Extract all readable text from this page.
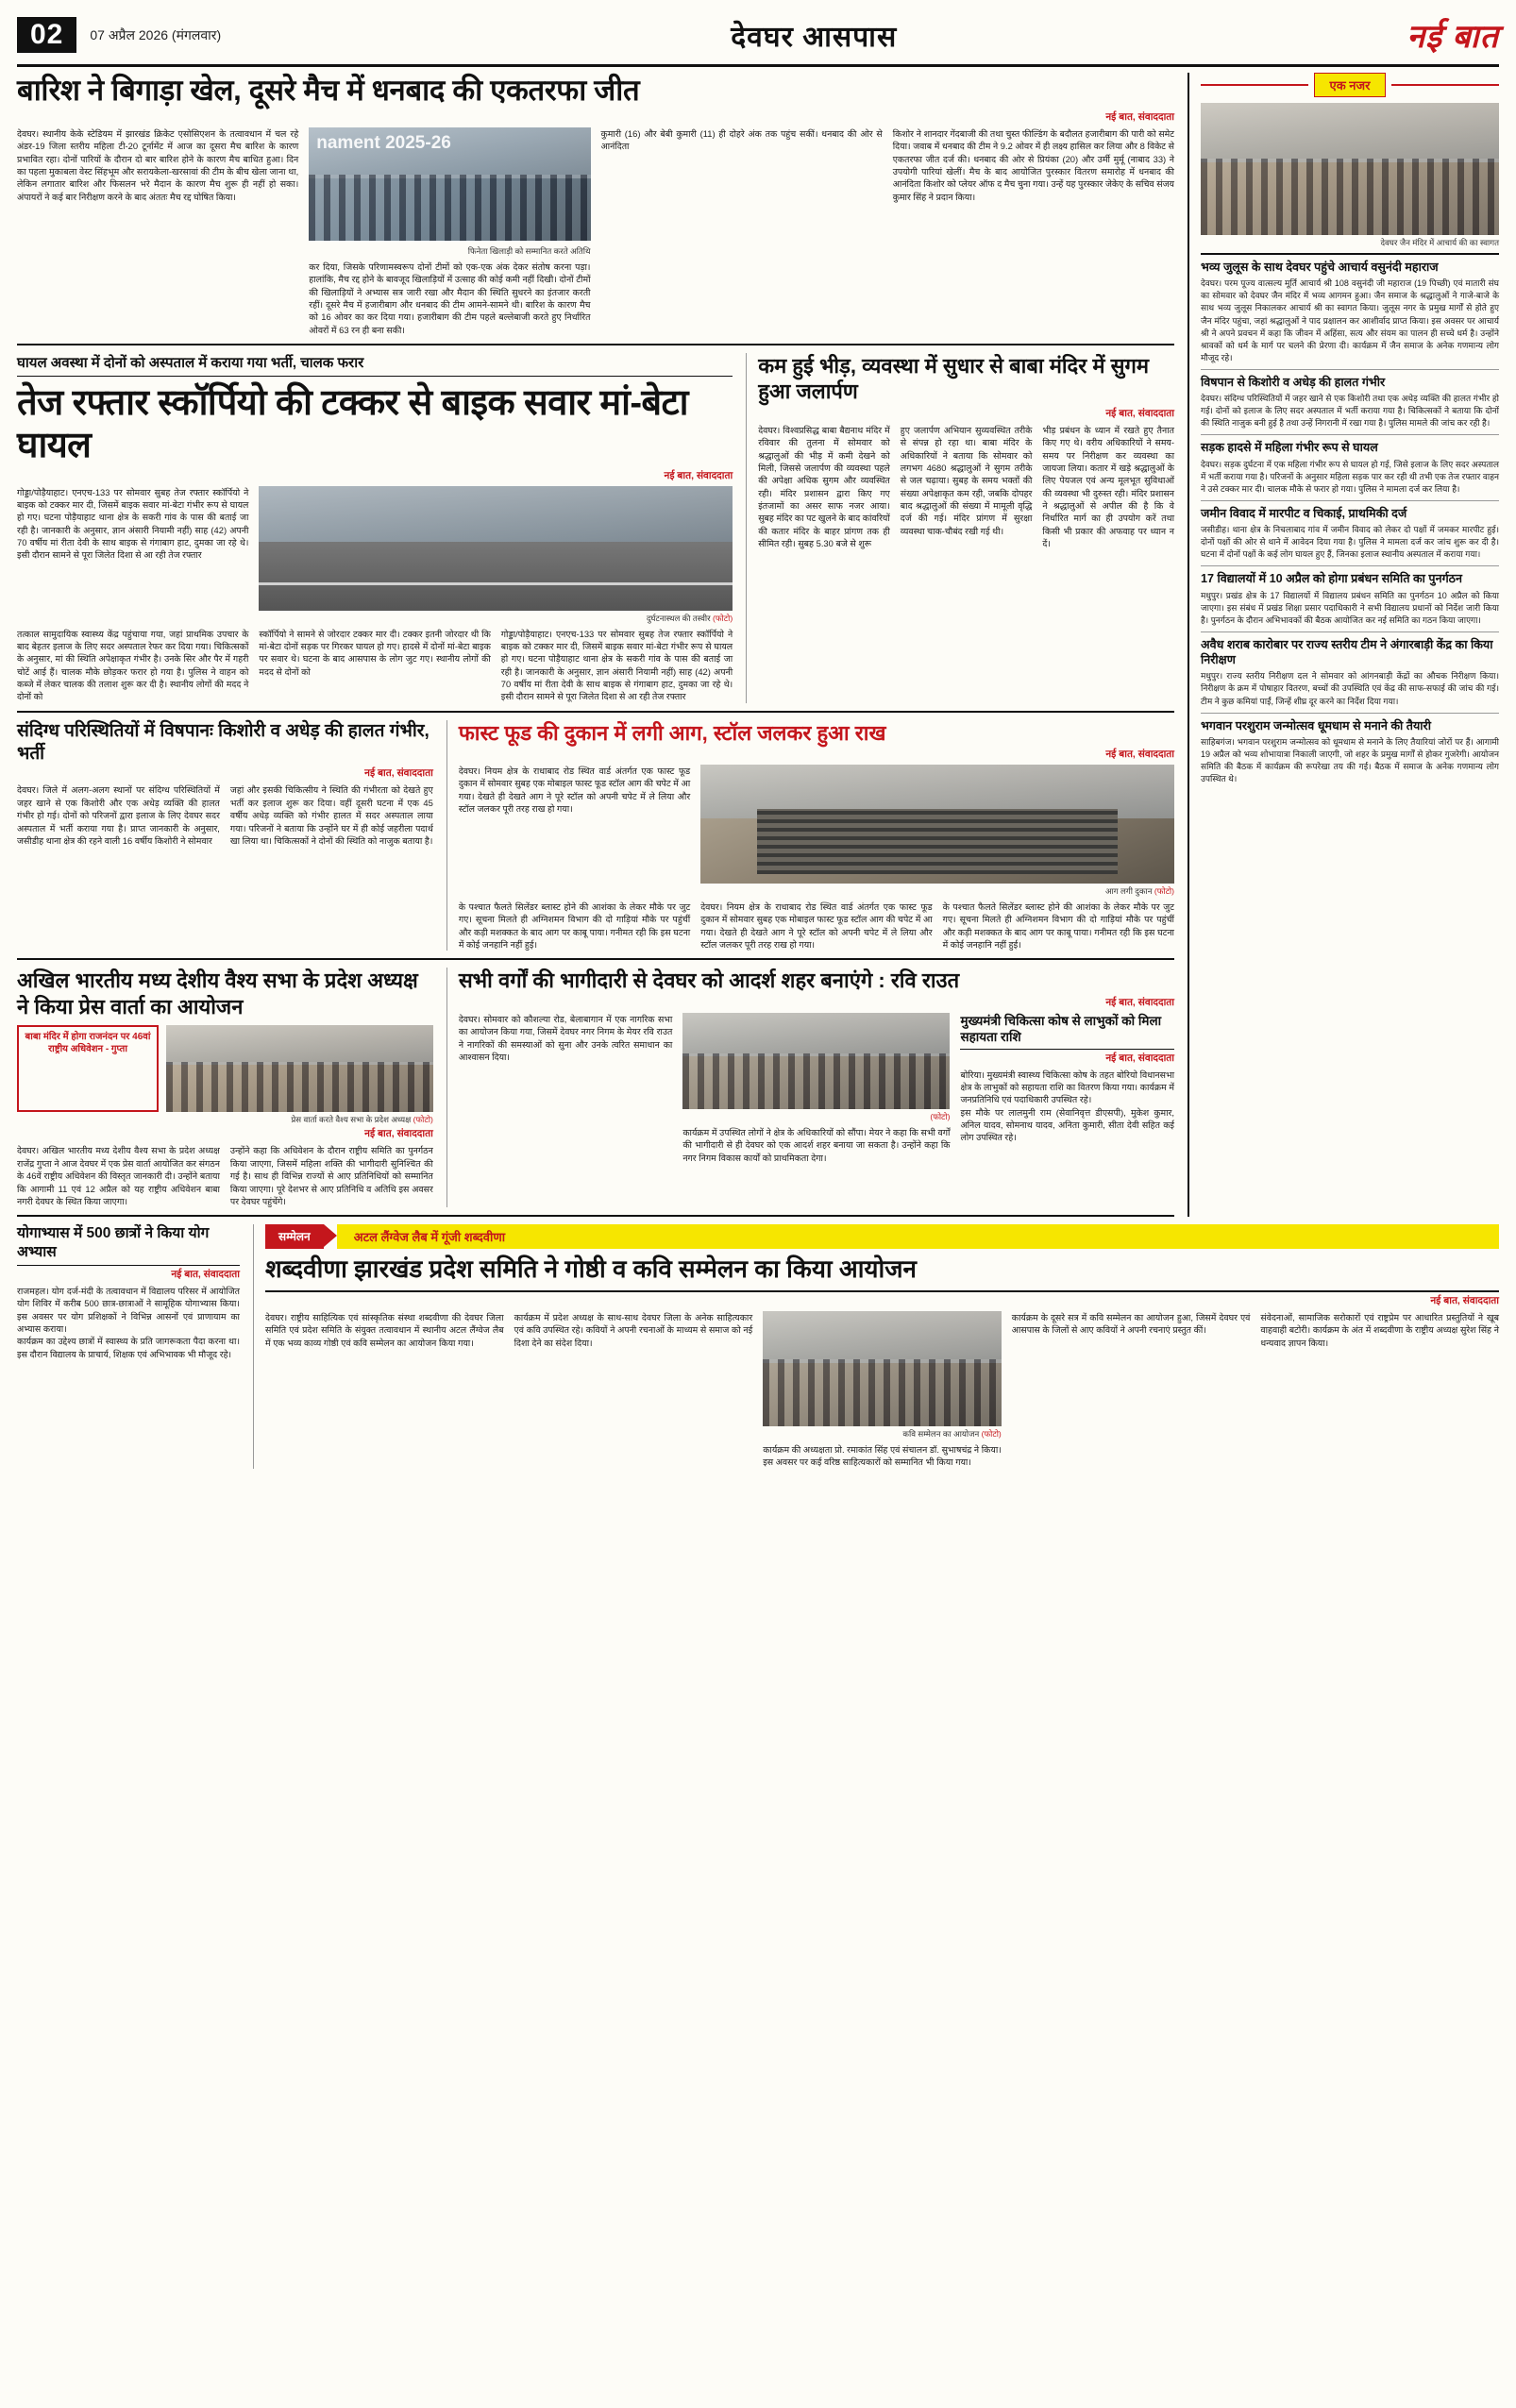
02	07 अप्रैल 2026 (मंगलवार)	देवघर आसपास	नई बात
बारिश ने बिगाड़ा खेल, दूसरे मैच में धनबाद की एकतरफा जीत
नई बात, संवाददाता
देवघर। स्थानीय केके स्टेडियम में झारखंड क्रिकेट एसोसिएशन के तत्वावधान में चल रहे अंडर-19 जिला स्तरीय महिला टी-20 टूर्नामेंट में आज का दूसरा मैच बारिश के कारण प्रभावित रहा। दोनों पारियों के दौरान दो बार बारिश होने के कारण मैच बाधित हुआ। दिन का पहला मुकाबला वेस्ट सिंहभूम और सरायकेला-खरसावां की टीम के बीच खेला जाना था, लेकिन लगातार बारिश और फिसलन भरे मैदान के कारण मैच शुरू ही नहीं हो सका। अंपायरों ने कई बार निरीक्षण करने के बाद अंततः मैच रद्द घोषित किया।
nament 2025-26
फिनेता खिलाड़ी को सम्मानित करते अतिथि
कर दिया, जिसके परिणामस्वरूप दोनों टीमों को एक-एक अंक देकर संतोष करना पड़ा। हालांकि, मैच रद्द होने के बावजूद खिलाड़ियों में उत्साह की कोई कमी नहीं दिखी। दोनों टीमों की खिलाड़ियों ने अभ्यास सत्र जारी रखा और मैदान की स्थिति सुधरने का इंतजार करती रहीं। दूसरे मैच में हजारीबाग और धनबाद की टीम आमने-सामने थी। बारिश के कारण मैच को 16 ओवर का कर दिया गया। हजारीबाग की टीम पहले बल्लेबाजी करते हुए निर्धारित ओवरों में 63 रन ही बना सकी।
कुमारी (16) और बेबी कुमारी (11) ही दोहरे अंक तक पहुंच सकीं। धनबाद की ओर से आनंदिता
किशोर ने शानदार गेंदबाजी की तथा चुस्त फील्डिंग के बदौलत हजारीबाग की पारी को समेट दिया। जवाब में धनबाद की टीम ने 9.2 ओवर में ही लक्ष्य हासिल कर लिया और 8 विकेट से एकतरफा जीत दर्ज की। धनबाद की ओर से प्रियंका (20) और उर्मी मुर्मू (नाबाद 33) ने उपयोगी पारियां खेलीं। मैच के बाद आयोजित पुरस्कार वितरण समारोह में धनबाद की आनंदिता किशोर को प्लेयर ऑफ द मैच चुना गया। उन्हें यह पुरस्कार जेकेए के सचिव संजय कुमार सिंह ने प्रदान किया।
घायल अवस्था में दोनों को अस्पताल में कराया गया भर्ती, चालक फरार
तेज रफ्तार स्कॉर्पियो की टक्कर से बाइक सवार मां-बेटा घायल
नई बात, संवाददाता
गोड्डा/पोड़ैयाहाट। एनएच-133 पर सोमवार सुबह तेज रफ्तार स्कॉर्पियो ने बाइक को टक्कर मार दी, जिसमें बाइक सवार मां-बेटा गंभीर रूप से घायल हो गए। घटना पोड़ैयाहाट थाना क्षेत्र के सकरी गांव के पास की बताई जा रही है। जानकारी के अनुसार, ज्ञान अंसारी नियामी नहीं) साह (42) अपनी 70 वर्षीय मां रीता देवी के साथ बाइक से गंगाबाग हाट, दुमका जा रहे थे। इसी दौरान सामने से पूरा जिलेत दिशा से आ रही तेज रफ्तार
दुर्घटनास्थल की तस्वीर (फोटो)
तत्काल सामुदायिक स्वास्थ्य केंद्र पहुंचाया गया, जहां प्राथमिक उपचार के बाद बेहतर इलाज के लिए सदर अस्पताल रेफर कर दिया गया। चिकित्सकों के अनुसार, मां की स्थिति अपेक्षाकृत गंभीर है। उनके सिर और पैर में गहरी चोटें आई हैं। चालक मौके छोड़कर फरार हो गया है। पुलिस ने वाहन को कब्जे में लेकर चालक की तलाश शुरू कर दी है। स्थानीय लोगों की मदद ने दोनों को
स्कॉर्पियो ने सामने से जोरदार टक्कर मार दी। टक्कर इतनी जोरदार थी कि मां-बेटा दोनों सड़क पर गिरकर घायल हो गए। हादसे में दोनों मां-बेटा बाइक पर सवार थे। घटना के बाद आसपास के लोग जुट गए। स्थानीय लोगों की मदद से दोनों को
गोड्डा/पोड़ैयाहाट। एनएच-133 पर सोमवार सुबह तेज रफ्तार स्कॉर्पियो ने बाइक को टक्कर मार दी, जिसमें बाइक सवार मां-बेटा गंभीर रूप से घायल हो गए। घटना पोड़ैयाहाट थाना क्षेत्र के सकरी गांव के पास की बताई जा रही है। जानकारी के अनुसार, ज्ञान अंसारी नियामी नहीं) साह (42) अपनी 70 वर्षीय मां रीता देवी के साथ बाइक से गंगाबाग हाट, दुमका जा रहे थे। इसी दौरान सामने से पूरा जिलेत दिशा से आ रही तेज रफ्तार
कम हुई भीड़, व्यवस्था में सुधार से बाबा मंदिर में सुगम हुआ जलार्पण
नई बात, संवाददाता
देवघर। विश्वप्रसिद्ध बाबा बैद्यनाथ मंदिर में रविवार की तुलना में सोमवार को श्रद्धालुओं की भीड़ में कमी देखने को मिली, जिससे जलार्पण की व्यवस्था पहले की अपेक्षा अधिक सुगम और व्यवस्थित रही। मंदिर प्रशासन द्वारा किए गए इंतजामों का असर साफ नजर आया। सुबह मंदिर का पट खुलने के बाद कांवरियों की कतार मंदिर के बाहर प्रांगण तक ही सीमित रही। सुबह 5.30 बजे से शुरू
हुए जलार्पण अभियान सुव्यवस्थित तरीके से संपन्न हो रहा था। बाबा मंदिर के अधिकारियों ने बताया कि सोमवार को लगभग 4680 श्रद्धालुओं ने सुगम तरीके से जल चढ़ाया। सुबह के समय भक्तों की संख्या अपेक्षाकृत कम रही, जबकि दोपहर बाद श्रद्धालुओं की संख्या में मामूली वृद्धि दर्ज की गई। मंदिर प्रांगण में सुरक्षा व्यवस्था चाक-चौबंद रखी गई थी।
भीड़ प्रबंधन के ध्यान में रखते हुए तैनात किए गए थे। वरीय अधिकारियों ने समय-समय पर निरीक्षण कर व्यवस्था का जायजा लिया। कतार में खड़े श्रद्धालुओं के लिए पेयजल एवं अन्य मूलभूत सुविधाओं की व्यवस्था भी दुरुस्त रही। मंदिर प्रशासन ने श्रद्धालुओं से अपील की है कि वे निर्धारित मार्ग का ही उपयोग करें तथा किसी भी प्रकार की अफवाह पर ध्यान न दें।
संदिग्ध परिस्थितियों में विषपानः किशोरी व अधेड़ की हालत गंभीर, भर्ती
नई बात, संवाददाता
देवघर। जिले में अलग-अलग स्थानों पर संदिग्ध परिस्थितियों में जहर खाने से एक किशोरी और एक अधेड़ व्यक्ति की हालत गंभीर हो गई। दोनों को परिजनों द्वारा इलाज के लिए देवघर सदर अस्पताल में भर्ती कराया गया है। प्राप्त जानकारी के अनुसार, जसीडीह थाना क्षेत्र की रहने वाली 16 वर्षीय किशोरी ने सोमवार
जहां और इसकी चिकित्सीय ने स्थिति की गंभीरता को देखते हुए भर्ती कर इलाज शुरू कर दिया। वहीं दूसरी घटना में एक 45 वर्षीय अधेड़ व्यक्ति को गंभीर हालत में सदर अस्पताल लाया गया। परिजनों ने बताया कि उन्होंने घर में ही कोई जहरीला पदार्थ खा लिया था। चिकित्सकों ने दोनों की स्थिति को नाजुक बताया है।
फास्ट फूड की दुकान में लगी आग, स्टॉल जलकर हुआ राख
नई बात, संवाददाता
देवघर। नियम क्षेत्र के राधाबाद रोड स्थित वार्ड अंतर्गत एक फास्ट फूड दुकान में सोमवार सुबह एक मोबाइल फास्ट फूड स्टॉल आग की चपेट में आ गया। देखते ही देखते आग ने पूरे स्टॉल को अपनी चपेट में ले लिया और स्टॉल जलकर पूरी तरह राख हो गया।
आग लगी दुकान (फोटो)
के पश्चात फैलते सिलेंडर ब्लास्ट होने की आशंका के लेकर मौके पर जुट गए। सूचना मिलते ही अग्निशमन विभाग की दो गाड़ियां मौके पर पहुंचीं और कड़ी मशक्कत के बाद आग पर काबू पाया। गनीमत रही कि इस घटना में कोई जनहानि नहीं हुई।
देवघर। नियम क्षेत्र के राधाबाद रोड स्थित वार्ड अंतर्गत एक फास्ट फूड दुकान में सोमवार सुबह एक मोबाइल फास्ट फूड स्टॉल आग की चपेट में आ गया। देखते ही देखते आग ने पूरे स्टॉल को अपनी चपेट में ले लिया और स्टॉल जलकर पूरी तरह राख हो गया।
के पश्चात फैलते सिलेंडर ब्लास्ट होने की आशंका के लेकर मौके पर जुट गए। सूचना मिलते ही अग्निशमन विभाग की दो गाड़ियां मौके पर पहुंचीं और कड़ी मशक्कत के बाद आग पर काबू पाया। गनीमत रही कि इस घटना में कोई जनहानि नहीं हुई।
अखिल भारतीय मध्य देशीय वैश्य सभा के प्रदेश अध्यक्ष ने किया प्रेस वार्ता का आयोजन
बाबा मंदिर में होगा राजनंदन पर 46वां राष्ट्रीय अधिवेशन - गुप्ता
प्रेस वार्ता करते वैश्य सभा के प्रदेश अध्यक्ष (फोटो)
नई बात, संवाददाता
देवघर। अखिल भारतीय मध्य देशीय वैश्य सभा के प्रदेश अध्यक्ष राजेंद्र गुप्ता ने आज देवघर में एक प्रेस वार्ता आयोजित कर संगठन के 46वें राष्ट्रीय अधिवेशन की विस्तृत जानकारी दी। उन्होंने बताया कि आगामी 11 एवं 12 अप्रैल को यह राष्ट्रीय अधिवेशन बाबा नगरी देवघर के स्थित किया जाएगा।
उन्होंने कहा कि अधिवेशन के दौरान राष्ट्रीय समिति का पुनर्गठन किया जाएगा, जिसमें महिला शक्ति की भागीदारी सुनिश्चित की गई है। साथ ही विभिन्न राज्यों से आए प्रतिनिधियों को सम्मानित किया जाएगा। पूरे देशभर से आए प्रतिनिधि व अतिथि इस अवसर पर देवघर पहुंचेंगे।
सभी वर्गों की भागीदारी से देवघर को आदर्श शहर बनाएंगे : रवि राउत
नई बात, संवाददाता
देवघर। सोमवार को कौशल्या रोड, बेलाबागान में एक नागरिक सभा का आयोजन किया गया, जिसमें देवघर नगर निगम के मेयर रवि राउत ने नागरिकों की समस्याओं को सुना और उनके त्वरित समाधान का आश्वासन दिया।
(फोटो)
कार्यक्रम में उपस्थित लोगों ने क्षेत्र के अधिकारियों को सौंपा। मेयर ने कहा कि सभी वर्गों की भागीदारी से ही देवघर को एक आदर्श शहर बनाया जा सकता है। उन्होंने कहा कि नगर निगम विकास कार्यों को प्राथमिकता देगा।
मुख्यमंत्री चिकित्सा कोष से लाभुकों को मिला सहायता राशि
नई बात, संवाददाता
बोरिया। मुख्यमंत्री स्वास्थ्य चिकित्सा कोष के तहत बोरियो विधानसभा क्षेत्र के लाभुकों को सहायता राशि का वितरण किया गया। कार्यक्रम में जनप्रतिनिधि एवं पदाधिकारी उपस्थित रहे।
इस मौके पर लालमुनी राम (सेवानिवृत्त डीएसपी), मुकेश कुमार, अनिल यादव, सोमनाथ यादव, अनिता कुमारी, सीता देवी सहित कई लोग उपस्थित रहे।
एक नजर
देवघर जैन मंदिर में आचार्य की का स्वागत
भव्य जुलूस के साथ देवघर पहुंचे आचार्य वसुनंदी महाराज
देवघर। परम पूज्य वात्सल्य मूर्ति आचार्य श्री 108 वसुनंदी जी महाराज (19 पिच्छी) एवं मातारी संघ का सोमवार को देवघर जैन मंदिर में भव्य आगमन हुआ। जैन समाज के श्रद्धालुओं ने गाजे-बाजे के साथ भव्य जुलूस निकालकर आचार्य श्री का स्वागत किया। जुलूस नगर के प्रमुख मार्गों से होते हुए जैन मंदिर पहुंचा, जहां श्रद्धालुओं ने पाद प्रक्षालन कर आशीर्वाद प्राप्त किया। इस अवसर पर आचार्य श्री ने अपने प्रवचन में कहा कि जीवन में अहिंसा, सत्य और संयम का पालन ही सच्चे धर्म है। उन्होंने श्रावकों को धर्म के मार्ग पर चलने की प्रेरणा दी। कार्यक्रम में जैन समाज के अनेक गणमान्य लोग मौजूद रहे।
विषपान से किशोरी व अधेड़ की हालत गंभीर
देवघर। संदिग्ध परिस्थितियों में जहर खाने से एक किशोरी तथा एक अधेड़ व्यक्ति की हालत गंभीर हो गई। दोनों को इलाज के लिए सदर अस्पताल में भर्ती कराया गया है। चिकित्सकों ने बताया कि दोनों की स्थिति नाजुक बनी हुई है तथा उन्हें निगरानी में रखा गया है। पुलिस मामले की जांच कर रही है।
सड़क हादसे में महिला गंभीर रूप से घायल
देवघर। सड़क दुर्घटना में एक महिला गंभीर रूप से घायल हो गई, जिसे इलाज के लिए सदर अस्पताल में भर्ती कराया गया है। परिजनों के अनुसार महिला सड़क पार कर रही थी तभी एक तेज रफ्तार वाहन ने उसे टक्कर मार दी। चालक मौके से फरार हो गया। पुलिस ने मामला दर्ज कर लिया है।
जमीन विवाद में मारपीट व चिकाई, प्राथमिकी दर्ज
जसीडीह। थाना क्षेत्र के निचलाबाद गांव में जमीन विवाद को लेकर दो पक्षों में जमकर मारपीट हुई। दोनों पक्षों की ओर से थाने में आवेदन दिया गया है। पुलिस ने मामला दर्ज कर जांच शुरू कर दी है। घटना में दोनों पक्षों के कई लोग घायल हुए हैं, जिनका इलाज स्थानीय अस्पताल में कराया गया।
17 विद्यालयों में 10 अप्रैल को होगा प्रबंधन समिति का पुनर्गठन
मधुपुर। प्रखंड क्षेत्र के 17 विद्यालयों में विद्यालय प्रबंधन समिति का पुनर्गठन 10 अप्रैल को किया जाएगा। इस संबंध में प्रखंड शिक्षा प्रसार पदाधिकारी ने सभी विद्यालय प्रधानों को निर्देश जारी किया है। पुनर्गठन के दौरान अभिभावकों की बैठक आयोजित कर नई समिति का गठन किया जाएगा।
अवैध शराब कारोबार पर राज्य स्तरीय टीम ने अंगारबाड़ी केंद्र का किया निरीक्षण
मधुपुर। राज्य स्तरीय निरीक्षण दल ने सोमवार को आंगनबाड़ी केंद्रों का औचक निरीक्षण किया। निरीक्षण के क्रम में पोषाहार वितरण, बच्चों की उपस्थिति एवं केंद्र की साफ-सफाई की जांच की गई। टीम ने कुछ कमियां पाईं, जिन्हें शीघ्र दूर करने का निर्देश दिया गया।
भगवान परशुराम जन्मोत्सव धूमधाम से मनाने की तैयारी
साहिबगंज। भगवान परशुराम जन्मोत्सव को धूमधाम से मनाने के लिए तैयारियां जोरों पर हैं। आगामी 19 अप्रैल को भव्य शोभायात्रा निकाली जाएगी, जो शहर के प्रमुख मार्गों से होकर गुजरेगी। आयोजन समिति की बैठक में कार्यक्रम की रूपरेखा तय की गई। बैठक में समाज के अनेक गणमान्य लोग उपस्थित थे।
योगाभ्यास में 500 छात्रों ने किया योग अभ्यास
नई बात, संवाददाता
राजमहल। योग दर्ज-मंदी के तत्वावधान में विद्यालय परिसर में आयोजित योग शिविर में करीब 500 छात्र-छात्राओं ने सामूहिक योगाभ्यास किया। इस अवसर पर योग प्रशिक्षकों ने विभिन्न आसनों एवं प्राणायाम का अभ्यास कराया।
कार्यक्रम का उद्देश्य छात्रों में स्वास्थ्य के प्रति जागरूकता पैदा करना था। इस दौरान विद्यालय के प्राचार्य, शिक्षक एवं अभिभावक भी मौजूद रहे।
सम्मेलन	अटल लैंग्वेज लैब में गूंजी शब्दवीणा
शब्दवीणा झारखंड प्रदेश समिति ने गोष्ठी व कवि सम्मेलन का किया आयोजन
नई बात, संवाददाता
देवघर। राष्ट्रीय साहित्यिक एवं सांस्कृतिक संस्था शब्दवीणा की देवघर जिला समिति एवं प्रदेश समिति के संयुक्त तत्वावधान में स्थानीय अटल लैंग्वेज लैब में एक भव्य काव्य गोष्ठी एवं कवि सम्मेलन का आयोजन किया गया।
कार्यक्रम में प्रदेश अध्यक्ष के साथ-साथ देवघर जिला के अनेक साहित्यकार एवं कवि उपस्थित रहे। कवियों ने अपनी रचनाओं के माध्यम से समाज को नई दिशा देने का संदेश दिया।
कवि सम्मेलन का आयोजन (फोटो)
कार्यक्रम की अध्यक्षता प्रो. रमाकांत सिंह एवं संचालन डॉ. सुभाषचंद्र ने किया। इस अवसर पर कई वरिष्ठ साहित्यकारों को सम्मानित भी किया गया।
कार्यक्रम के दूसरे सत्र में कवि सम्मेलन का आयोजन हुआ, जिसमें देवघर एवं आसपास के जिलों से आए कवियों ने अपनी रचनाएं प्रस्तुत कीं।
संवेदनाओं, सामाजिक सरोकारों एवं राष्ट्रप्रेम पर आधारित प्रस्तुतियों ने खूब वाहवाही बटोरी। कार्यक्रम के अंत में शब्दवीणा के राष्ट्रीय अध्यक्ष सुरेश सिंह ने धन्यवाद ज्ञापन किया।
